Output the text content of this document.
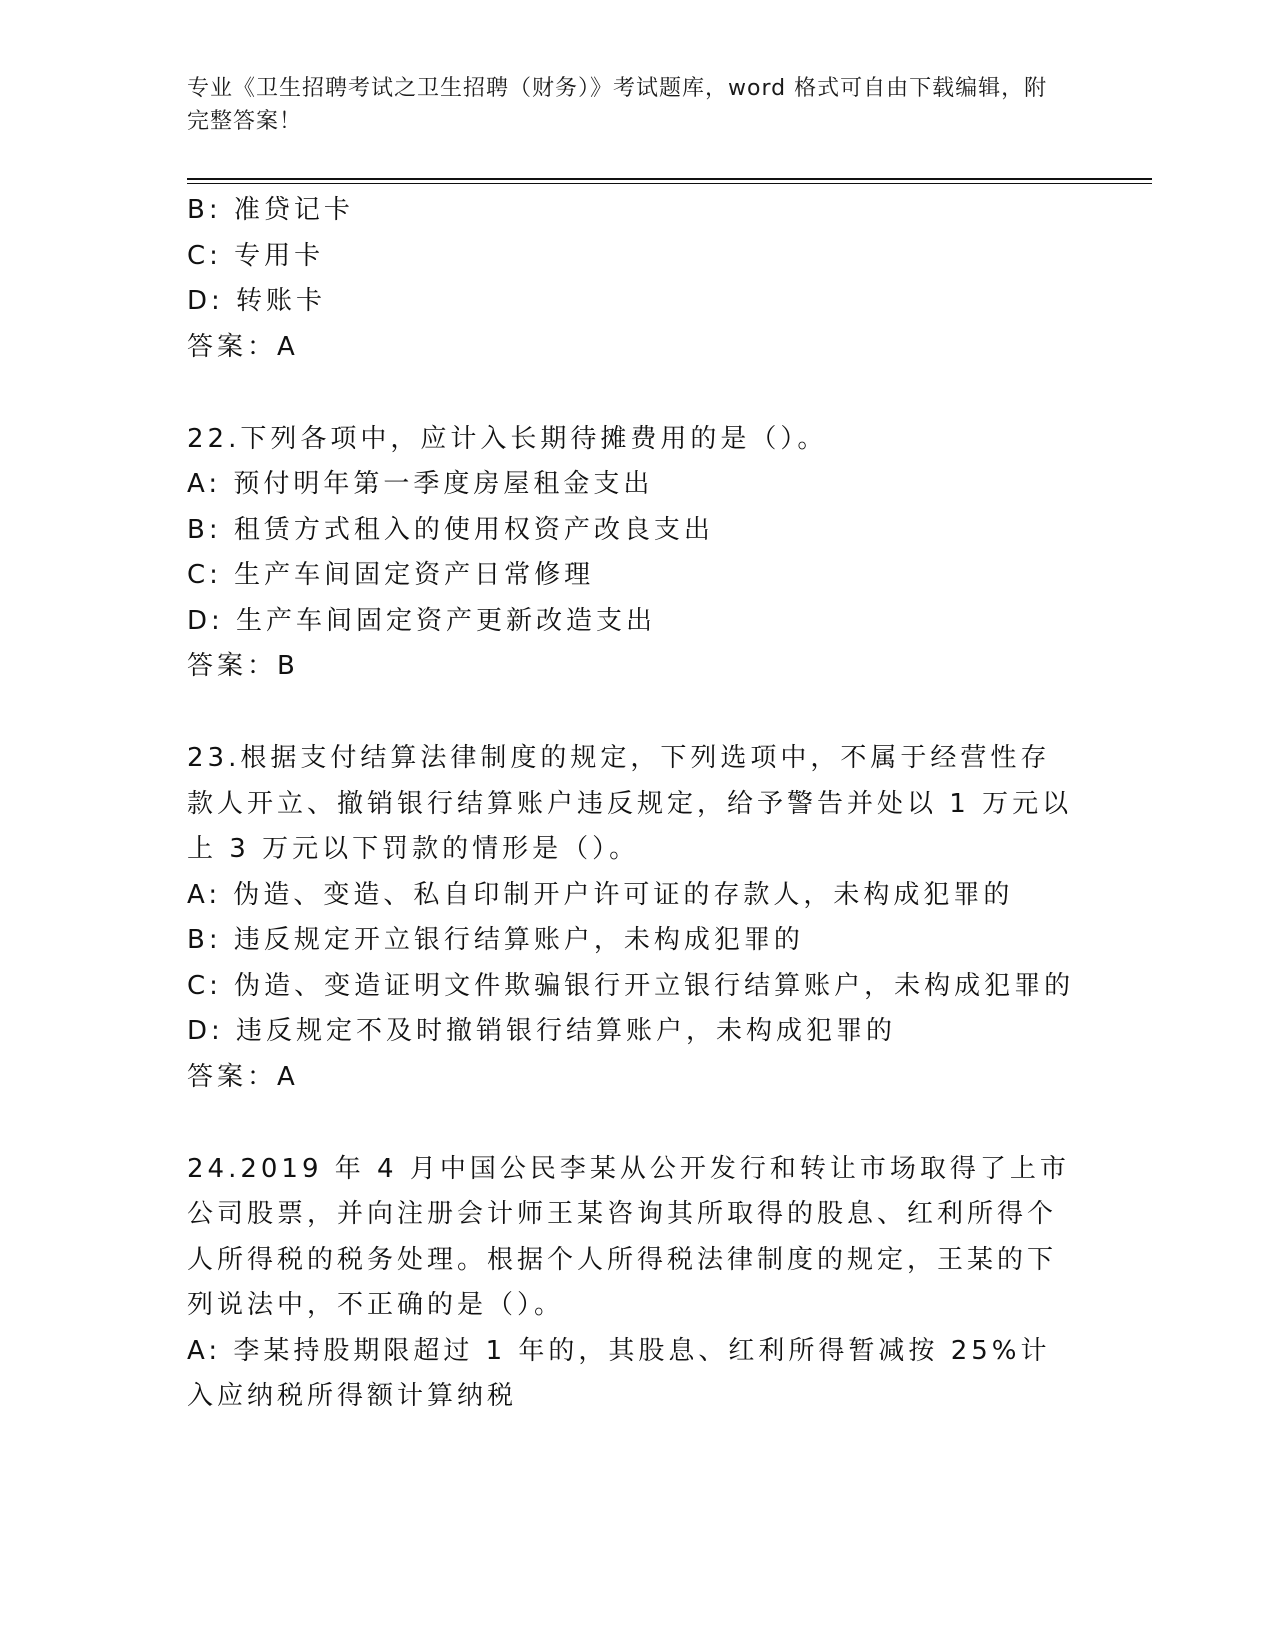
专业《卫生招聘考试之卫生招聘（财务）》考试题库，word 格式可自由下载编辑，附完整答案！
B: 准贷记卡
C: 专用卡
D: 转账卡
答案：A
22.下列各项中，应计入长期待摊费用的是（）。
A: 预付明年第一季度房屋租金支出
B: 租赁方式租入的使用权资产改良支出
C: 生产车间固定资产日常修理
D: 生产车间固定资产更新改造支出
答案：B
23.根据支付结算法律制度的规定，下列选项中，不属于经营性存款人开立、撤销银行结算账户违反规定，给予警告并处以 1 万元以上 3 万元以下罚款的情形是（）。
A: 伪造、变造、私自印制开户许可证的存款人，未构成犯罪的
B: 违反规定开立银行结算账户，未构成犯罪的
C: 伪造、变造证明文件欺骗银行开立银行结算账户，未构成犯罪的
D: 违反规定不及时撤销银行结算账户，未构成犯罪的
答案：A
24.2019 年 4 月中国公民李某从公开发行和转让市场取得了上市公司股票，并向注册会计师王某咨询其所取得的股息、红利所得个人所得税的税务处理。根据个人所得税法律制度的规定，王某的下列说法中，不正确的是（）。
A: 李某持股期限超过 1 年的，其股息、红利所得暂减按 25%计入应纳税所得额计算纳税
